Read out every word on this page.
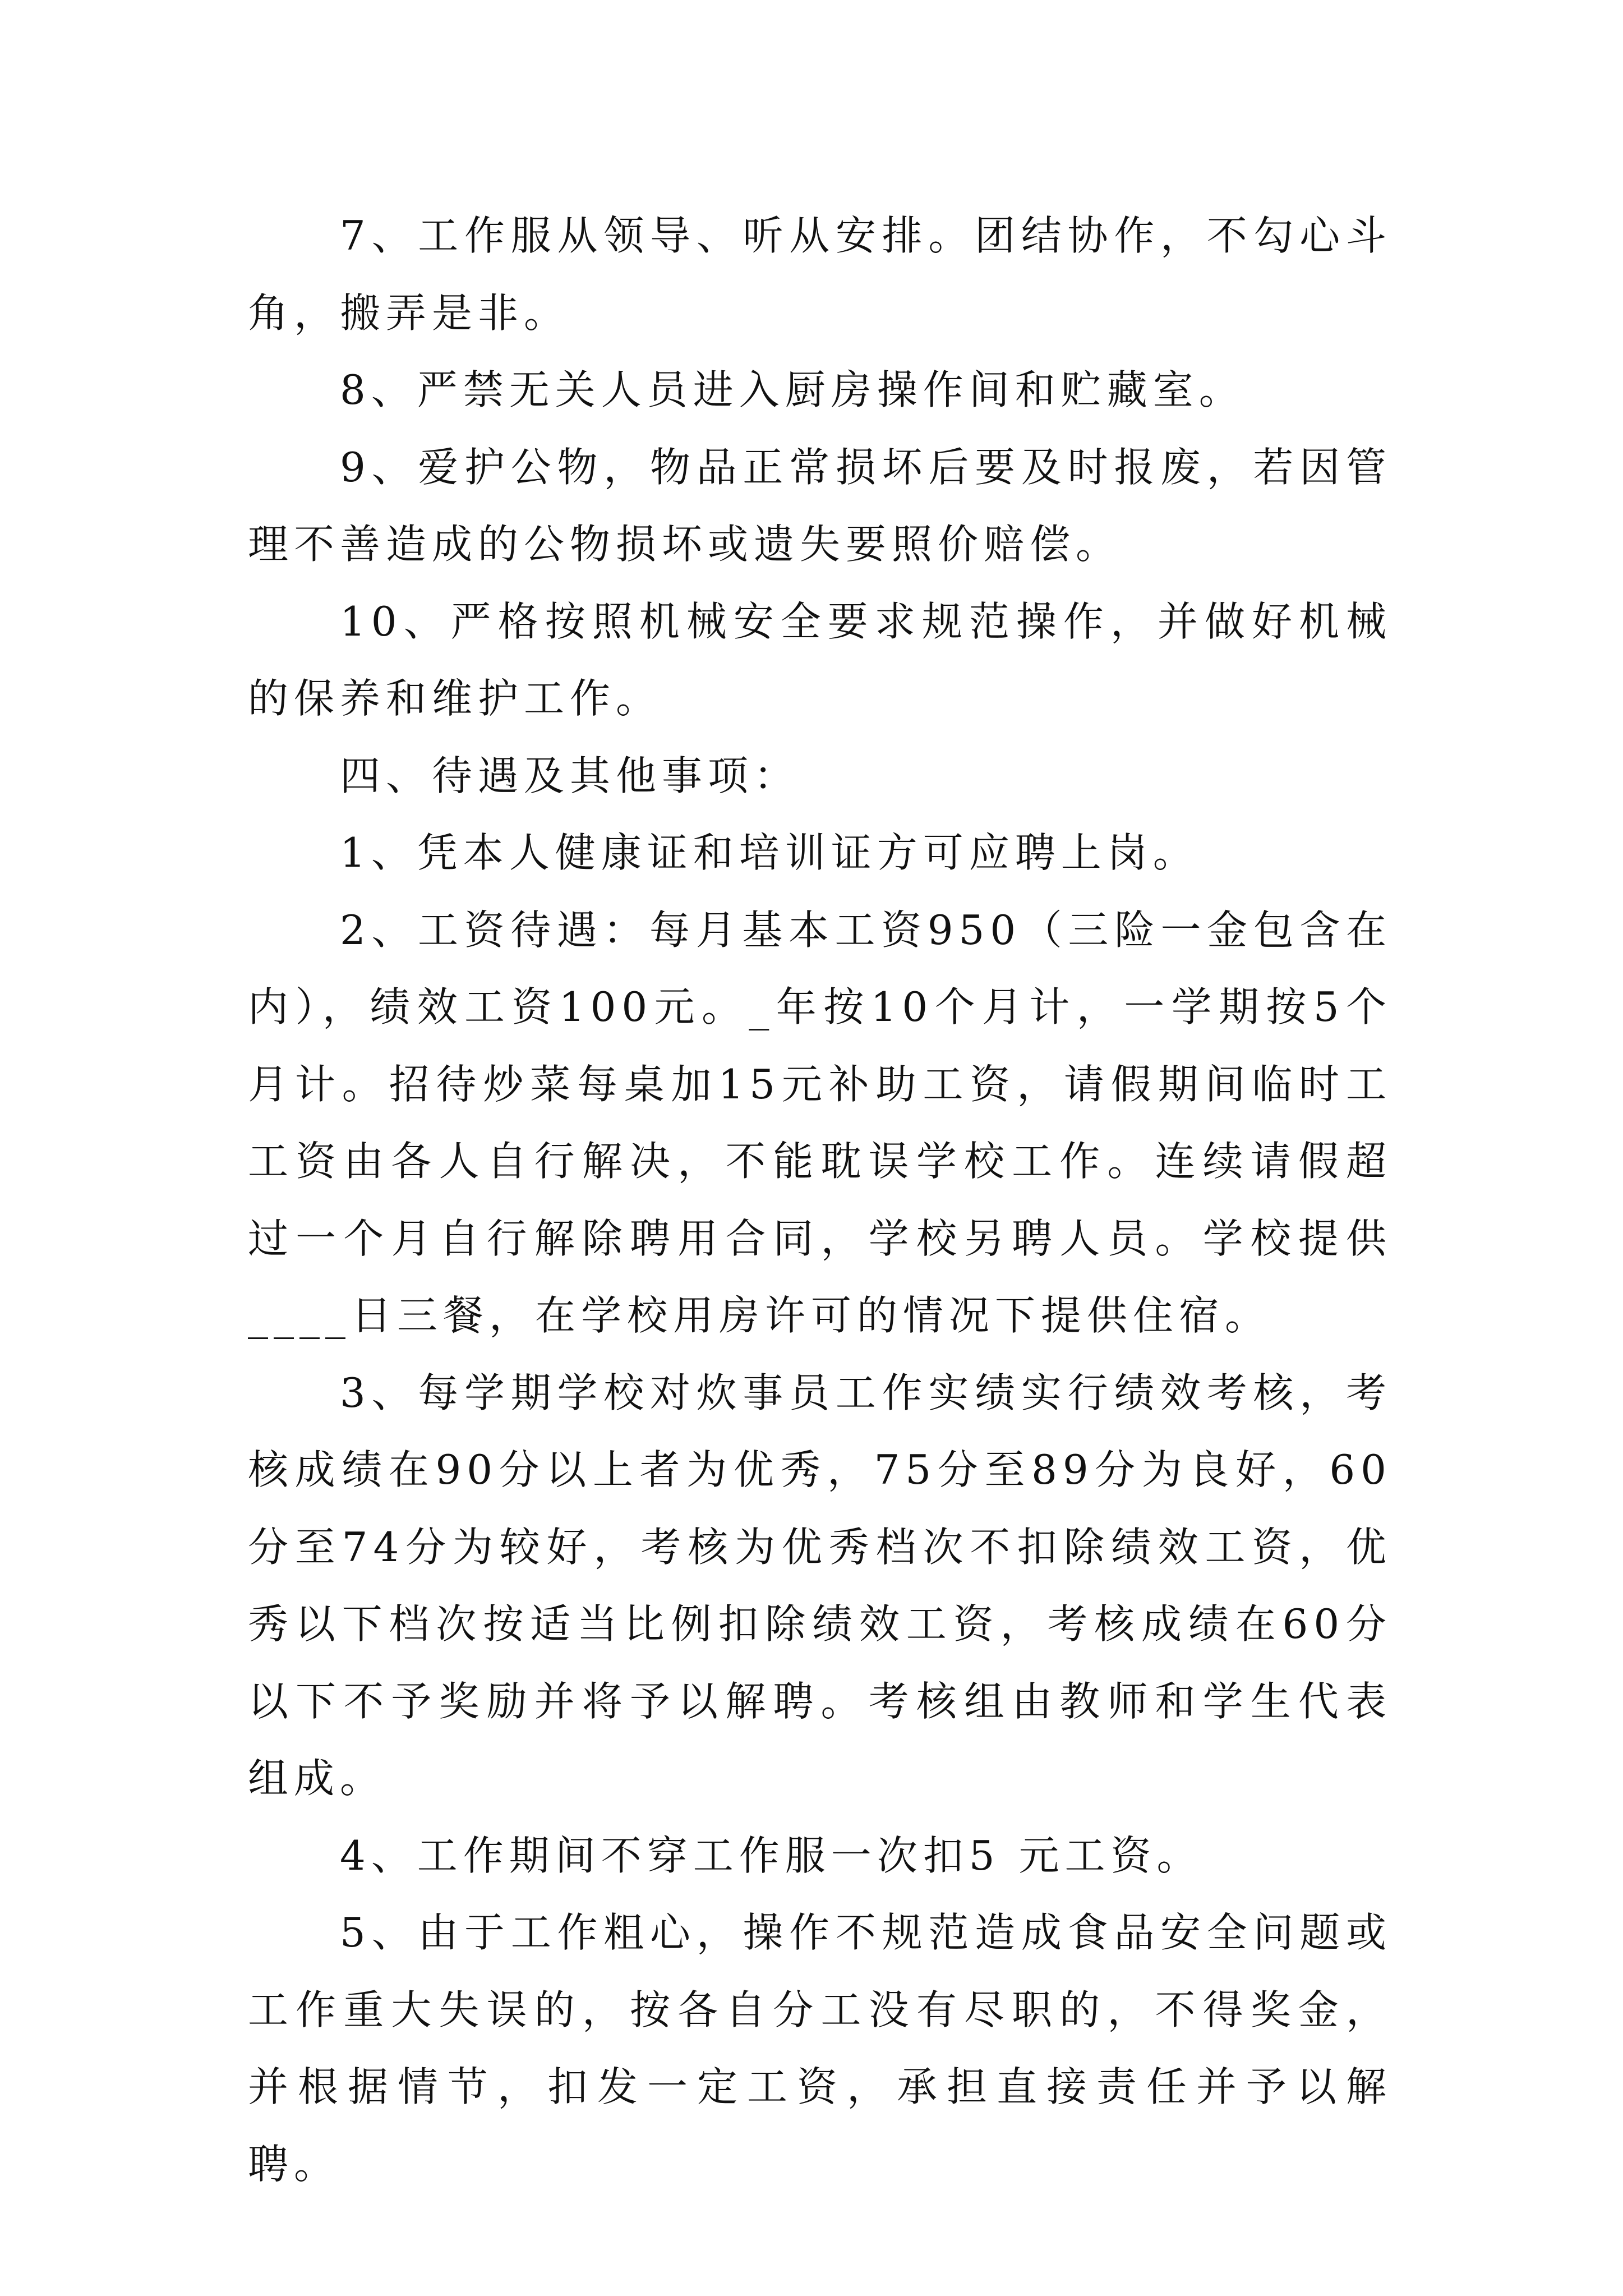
7、工作服从领导、听从安排。团结协作，不勾心斗角，搬弄是非。

8、严禁无关人员进入厨房操作间和贮藏室。

9、爱护公物，物品正常损坏后要及时报废，若因管理不善造成的公物损坏或遗失要照价赔偿。

10、严格按照机械安全要求规范操作，并做好机械的保养和维护工作。

四、待遇及其他事项：

1、凭本人健康证和培训证方可应聘上岗。

2、工资待遇：每月基本工资950（三险一金包含在内），绩效工资100元。_年按10个月计，一学期按5个月计。招待炒菜每桌加15元补助工资，请假期间临时工工资由各人自行解决，不能耽误学校工作。连续请假超过一个月自行解除聘用合同，学校另聘人员。学校提供____日三餐，在学校用房许可的情况下提供住宿。

3、每学期学校对炊事员工作实绩实行绩效考核，考核成绩在90分以上者为优秀，75分至89分为良好，60分至74分为较好，考核为优秀档次不扣除绩效工资，优秀以下档次按适当比例扣除绩效工资，考核成绩在60分以下不予奖励并将予以解聘。考核组由教师和学生代表组成。

4、工作期间不穿工作服一次扣5 元工资。

5、由于工作粗心，操作不规范造成食品安全问题或工作重大失误的，按各自分工没有尽职的，不得奖金，并根据情节，扣发一定工资，承担直接责任并予以解聘。
